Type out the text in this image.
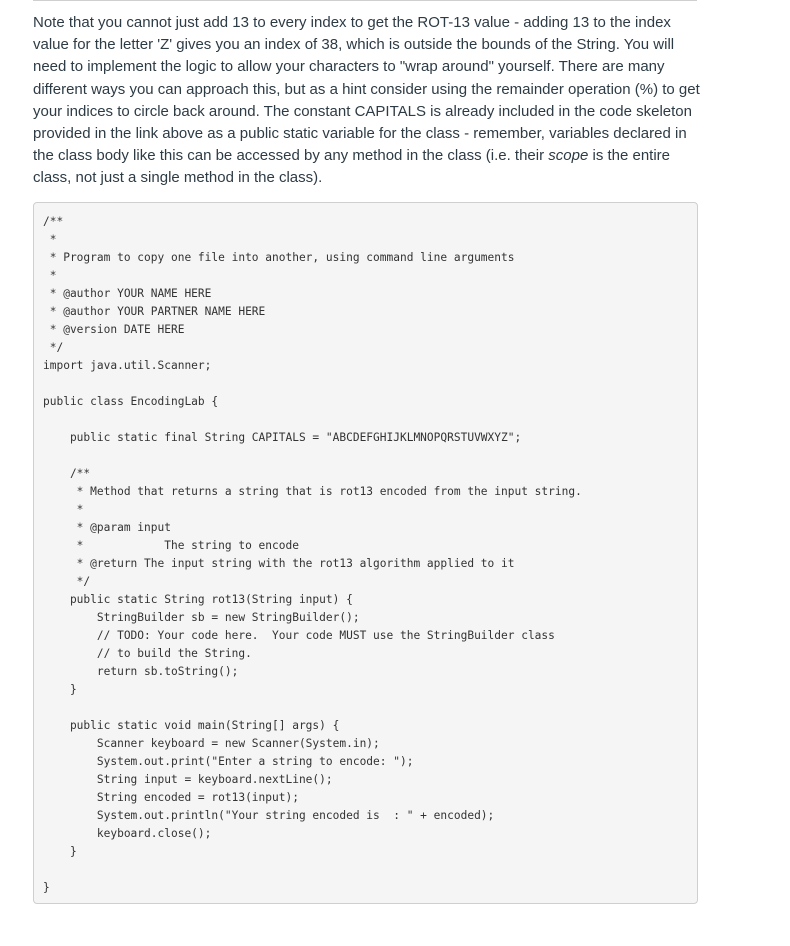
Note that you cannot just add 13 to every index to get the ROT-13 value - adding 13 to the index value for the letter 'Z' gives you an index of 38, which is outside the bounds of the String. You will need to implement the logic to allow your characters to "wrap around" yourself. There are many different ways you can approach this, but as a hint consider using the remainder operation (%) to get your indices to circle back around. The constant CAPITALS is already included in the code skeleton provided in the link above as a public static variable for the class - remember, variables declared in the class body like this can be accessed by any method in the class (i.e. their scope is the entire class, not just a single method in the class).

/**
*
* Program to copy one file into another, using command line arguments
*
* @author YOUR NAME HERE
* @author YOUR PARTNER NAME HERE
* @version DATE HERE
*/
import java.util.Scanner;
public class EncodingLab {
public static final String CAPITALS = "ABCDEFGHIJKLMNOPQRSTUVWXYZ";
/**
* Method that returns a string that is rot13 encoded from the input string.
*
* @param input
*            The string to encode
* @return The input string with the rot13 algorithm applied to it
*/
public static String rot13(String input) {
StringBuilder sb = new StringBuilder();
// TODO: Your code here.  Your code MUST use the StringBuilder class
// to build the String.
return sb.toString();
}
public static void main(String[] args) {
Scanner keyboard = new Scanner(System.in);
System.out.print("Enter a string to encode: ");
String input = keyboard.nextLine();
String encoded = rot13(input);
System.out.println("Your string encoded is  : " + encoded);
keyboard.close();
}
}
